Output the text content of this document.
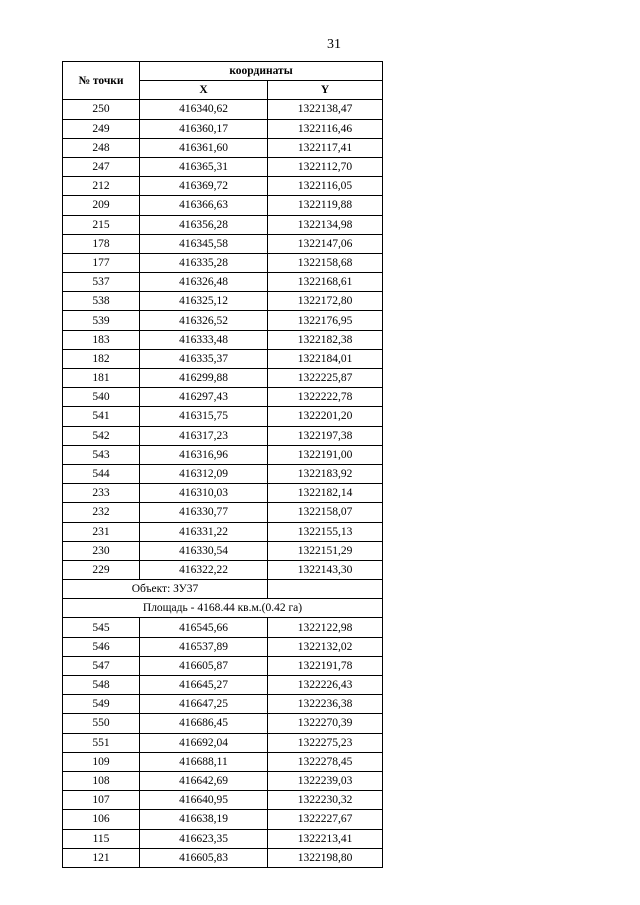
31
№ точки	координаты	
	X	Y
250	416340,62	1322138,47
249	416360,17	1322116,46
248	416361,60	1322117,41
247	416365,31	1322112,70
212	416369,72	1322116,05
209	416366,63	1322119,88
215	416356,28	1322134,98
178	416345,58	1322147,06
177	416335,28	1322158,68
537	416326,48	1322168,61
538	416325,12	1322172,80
539	416326,52	1322176,95
183	416333,48	1322182,38
182	416335,37	1322184,01
181	416299,88	1322225,87
540	416297,43	1322222,78
541	416315,75	1322201,20
542	416317,23	1322197,38
543	416316,96	1322191,00
544	416312,09	1322183,92
233	416310,03	1322182,14
232	416330,77	1322158,07
231	416331,22	1322155,13
230	416330,54	1322151,29
229	416322,22	1322143,30
Объект: ЗУ37		
Площадь - 4168.44 кв.м.(0.42 га)		
545	416545,66	1322122,98
546	416537,89	1322132,02
547	416605,87	1322191,78
548	416645,27	1322226,43
549	416647,25	1322236,38
550	416686,45	1322270,39
551	416692,04	1322275,23
109	416688,11	1322278,45
108	416642,69	1322239,03
107	416640,95	1322230,32
106	416638,19	1322227,67
115	416623,35	1322213,41
121	416605,83	1322198,80
